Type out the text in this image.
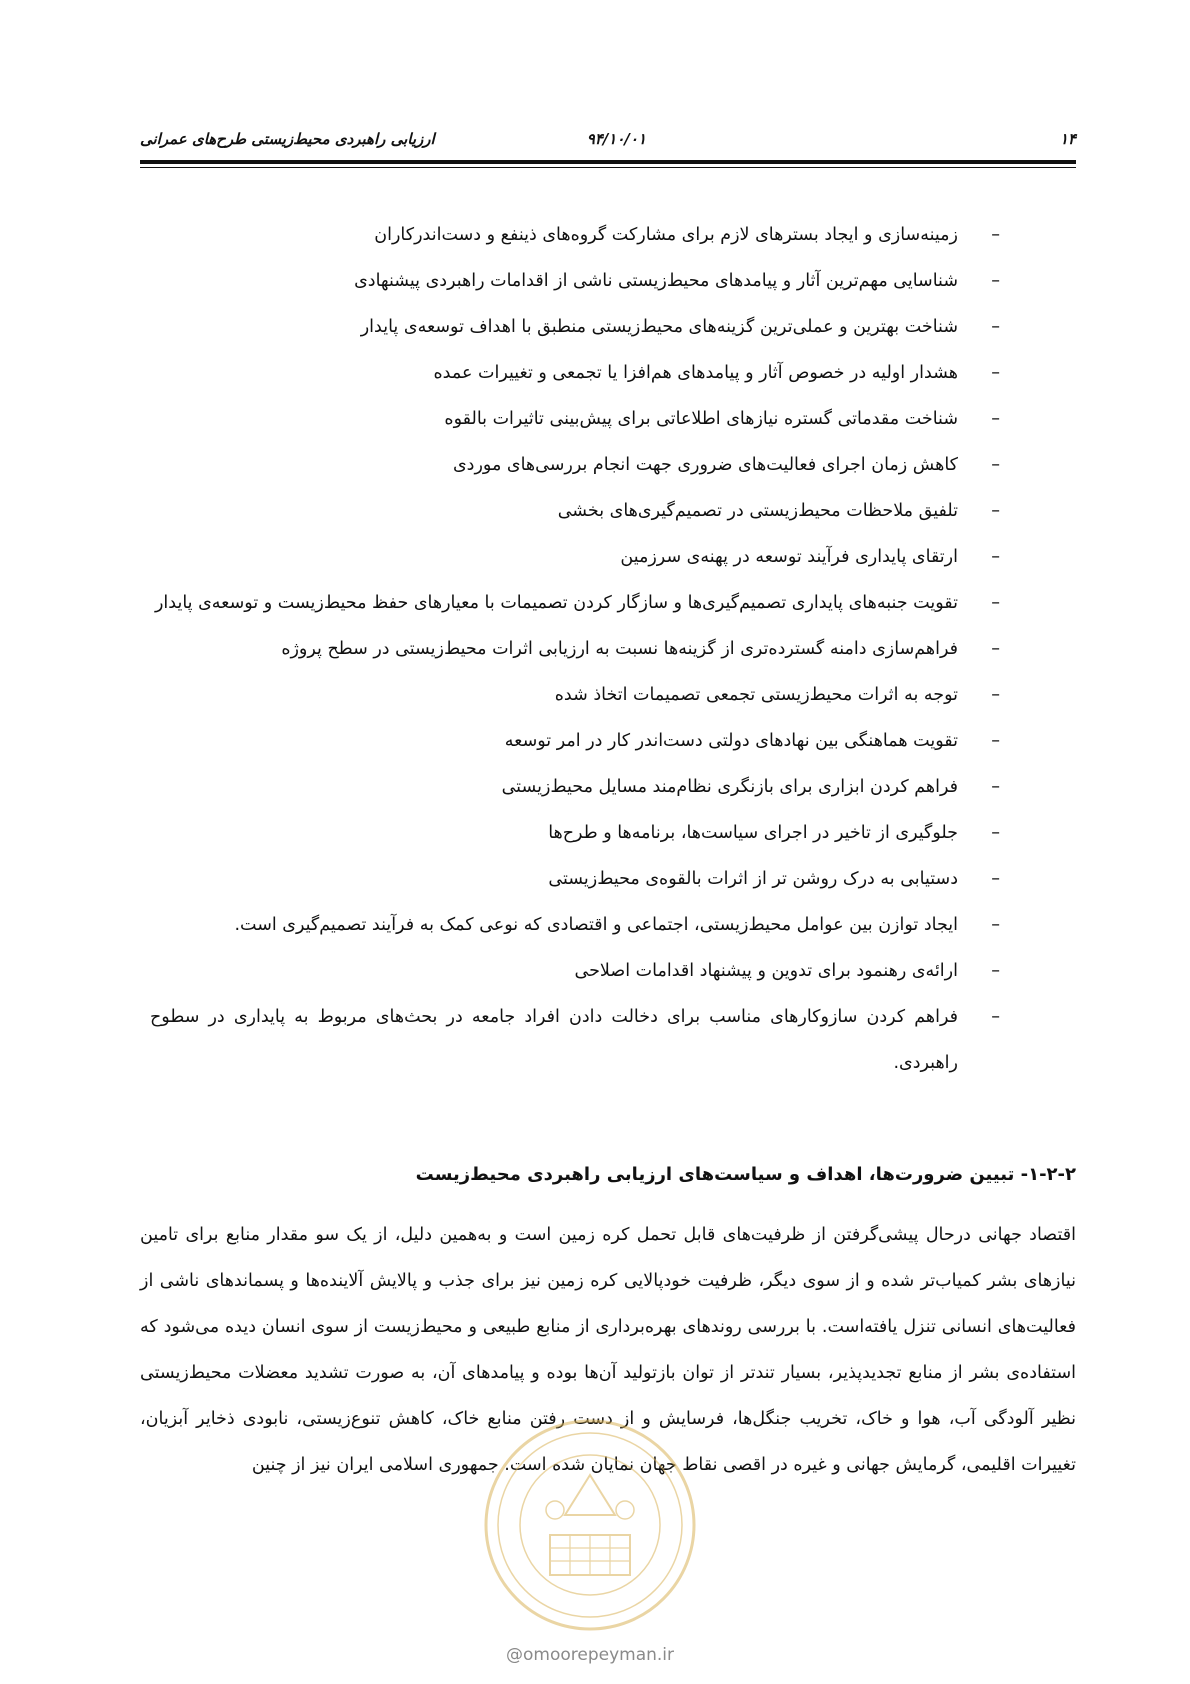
۱۴
۹۴/۱۰/۰۱
ارزیابی راهبردی محیط‌زیستی طرح‌های عمرانی
–
زمینه‌سازی و ایجاد بسترهای لازم برای مشارکت گروه‌های ذینفع و دست‌اندرکاران
–
شناسایی مهم‌ترین آثار و پیامدهای محیط‌زیستی ناشی از اقدامات راهبردی پیشنهادی
–
شناخت بهترین و عملی‌ترین گزینه‌های محیط‌زیستی منطبق با اهداف توسعه‌ی پایدار
–
هشدار اولیه در خصوص آثار و پیامدهای هم‌افزا یا تجمعی و تغییرات عمده
–
شناخت مقدماتی گستره نیازهای اطلاعاتی برای پیش‌بینی تاثیرات بالقوه
–
کاهش زمان اجرای فعالیت‌های ضروری جهت انجام بررسی‌های موردی
–
تلفیق ملاحظات محیط‌زیستی در تصمیم‌گیری‌های بخشی
–
ارتقای پایداری فرآیند توسعه در پهنه‌ی سرزمین
–
تقویت جنبه‌های پایداری تصمیم‌گیری‌ها و سازگار کردن تصمیمات با معیارهای حفظ محیط‌زیست و توسعه‌ی پایدار
–
فراهم‌سازی دامنه گسترده‌تری از گزینه‌ها نسبت به ارزیابی اثرات محیط‌زیستی در سطح پروژه
–
توجه به اثرات محیط‌زیستی تجمعی تصمیمات اتخاذ شده
–
تقویت هماهنگی بین نهادهای دولتی دست‌اندر کار در امر توسعه
–
فراهم کردن ابزاری برای بازنگری نظام‌مند مسایل محیط‌زیستی
–
جلوگیری از تاخیر در اجرای سیاست‌ها، برنامه‌ها و طرح‌ها
–
دستیابی به درک روشن تر از اثرات بالقوه‌ی محیط‌زیستی
–
ایجاد توازن بین عوامل محیط‌زیستی، اجتماعی و اقتصادی که نوعی کمک به فرآیند تصمیم‌گیری است.
–
ارائه‌ی رهنمود برای تدوین و پیشنهاد اقدامات اصلاحی
–
فراهم کردن سازوکارهای مناسب برای دخالت دادن افراد جامعه در بحث‌های مربوط به پایداری در سطوح راهبردی.
۱-۲-۲- تبیین ضرورت‌ها، اهداف و سیاست‌های ارزیابی راهبردی محیط‌زیست

اقتصاد جهانی درحال پیشی‌گرفتن از ظرفیت‌های قابل تحمل کره زمین است و به‌همین دلیل، از یک سو مقدار منابع برای تامین نیازهای بشر کمیاب‌تر شده و از سوی دیگر، ظرفیت خودپالایی کره زمین نیز برای جذب و پالایش آلاینده‌ها و پسماندهای ناشی از فعالیت‌های انسانی تنزل یافته‌است. با بررسی روندهای بهره‌برداری از منابع طبیعی و محیط‌زیست از سوی انسان دیده می‌شود که استفاده‌ی بشر از منابع تجدیدپذیر، بسیار تندتر از توان بازتولید آن‌ها بوده و پیامدهای آن، به صورت تشدید معضلات محیط‌زیستی نظیر آلودگی آب، هوا و خاک، تخریب جنگل‌ها، فرسایش و از دست رفتن منابع خاک، کاهش تنوع‌زیستی، نابودی ذخایر آبزیان، تغییرات اقلیمی، گرمایش جهانی و غیره در اقصی نقاط جهان نمایان شده است. جمهوری اسلامی ایران نیز از چنین

@omoorepeyman.ir
